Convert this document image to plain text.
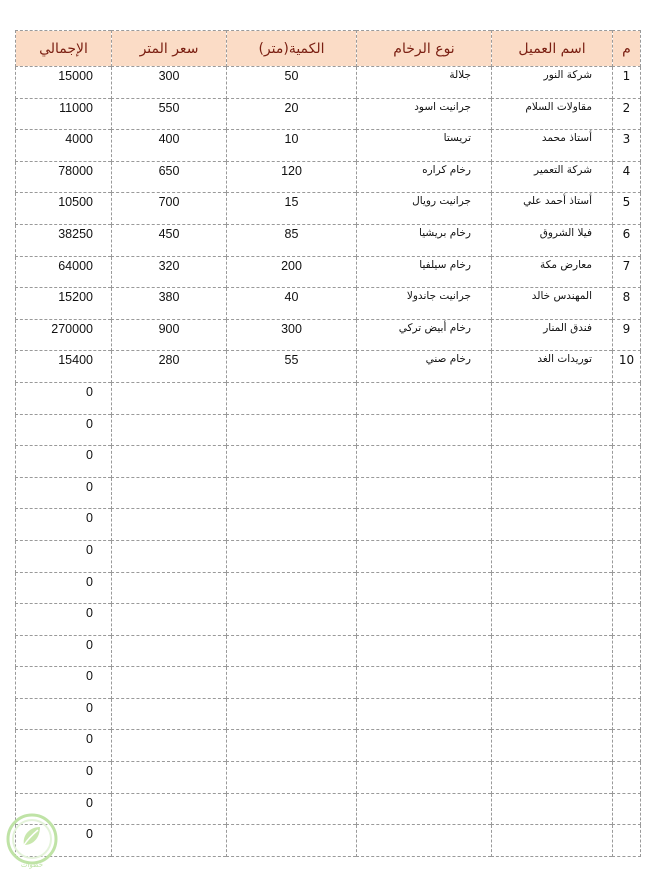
م	اسم العميل	نوع الرخام	الكمية(متر)	سعر المتر	الإجمالي
1	شركة النور	جلالة	50	300	15000
2	مقاولات السلام	جرانيت اسود	20	550	11000
3	أستاذ محمد	تريستا	10	400	4000
4	شركة التعمير	رخام كراره	120	650	78000
5	أستاذ أحمد علي	جرانيت رويال	15	700	10500
6	فيلا الشروق	رخام بريشيا	85	450	38250
7	معارض مكة	رخام سيلفيا	200	320	64000
8	المهندس خالد	جرانيت جاندولا	40	380	15200
9	فندق المنار	رخام أبيض تركي	300	900	270000
10	توريدات الغد	رخام صني	55	280	15400
					0
					0
					0
					0
					0
					0
					0
					0
					0
					0
					0
					0
					0
					0
					0
خطوات
